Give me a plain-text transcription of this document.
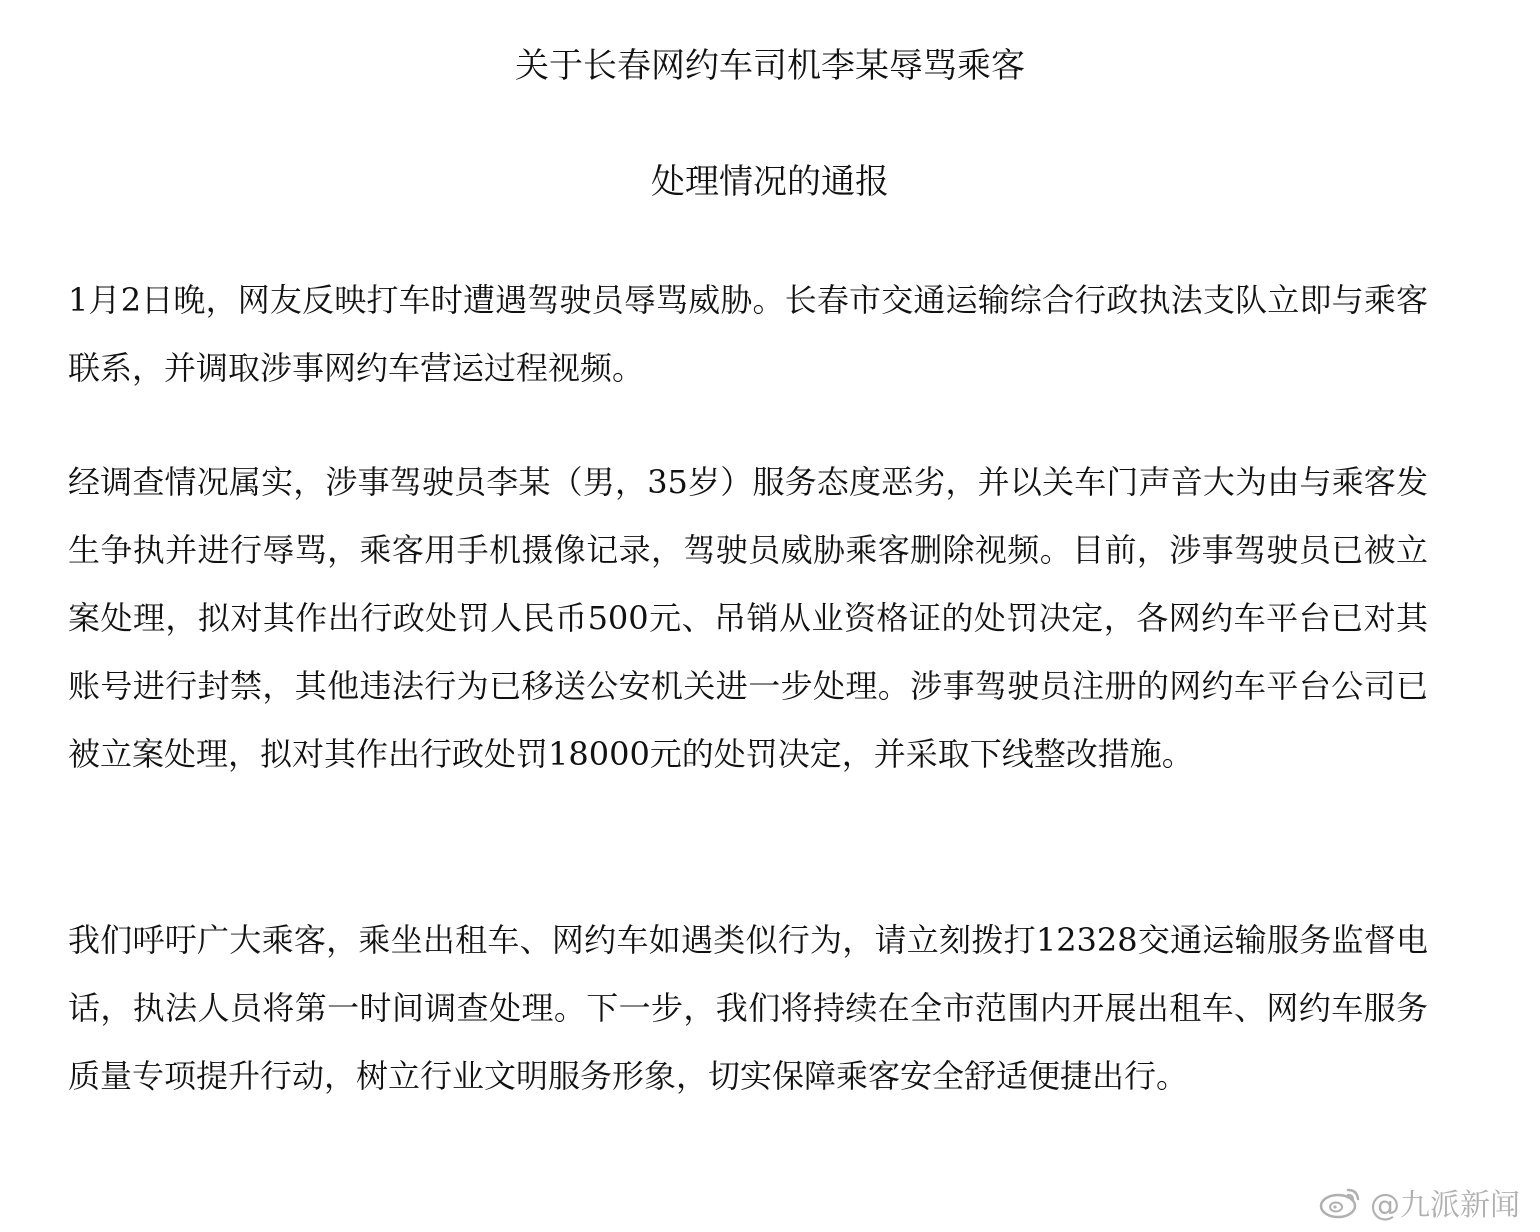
关于长春网约车司机李某辱骂乘客
处理情况的通报

1月2日晚，网友反映打车时遭遇驾驶员辱骂威胁。长春市交通运输综合行政执法支队立即与乘客联系，并调取涉事网约车营运过程视频。

经调查情况属实，涉事驾驶员李某（男，35岁）服务态度恶劣，并以关车门声音大为由与乘客发生争执并进行辱骂，乘客用手机摄像记录，驾驶员威胁乘客删除视频。目前，涉事驾驶员已被立案处理，拟对其作出行政处罚人民币500元、吊销从业资格证的处罚决定，各网约车平台已对其账号进行封禁，其他违法行为已移送公安机关进一步处理。涉事驾驶员注册的网约车平台公司已被立案处理，拟对其作出行政处罚18000元的处罚决定，并采取下线整改措施。

我们呼吁广大乘客，乘坐出租车、网约车如遇类似行为，请立刻拨打12328交通运输服务监督电话，执法人员将第一时间调查处理。下一步，我们将持续在全市范围内开展出租车、网约车服务质量专项提升行动，树立行业文明服务形象，切实保障乘客安全舒适便捷出行。

@九派新闻
